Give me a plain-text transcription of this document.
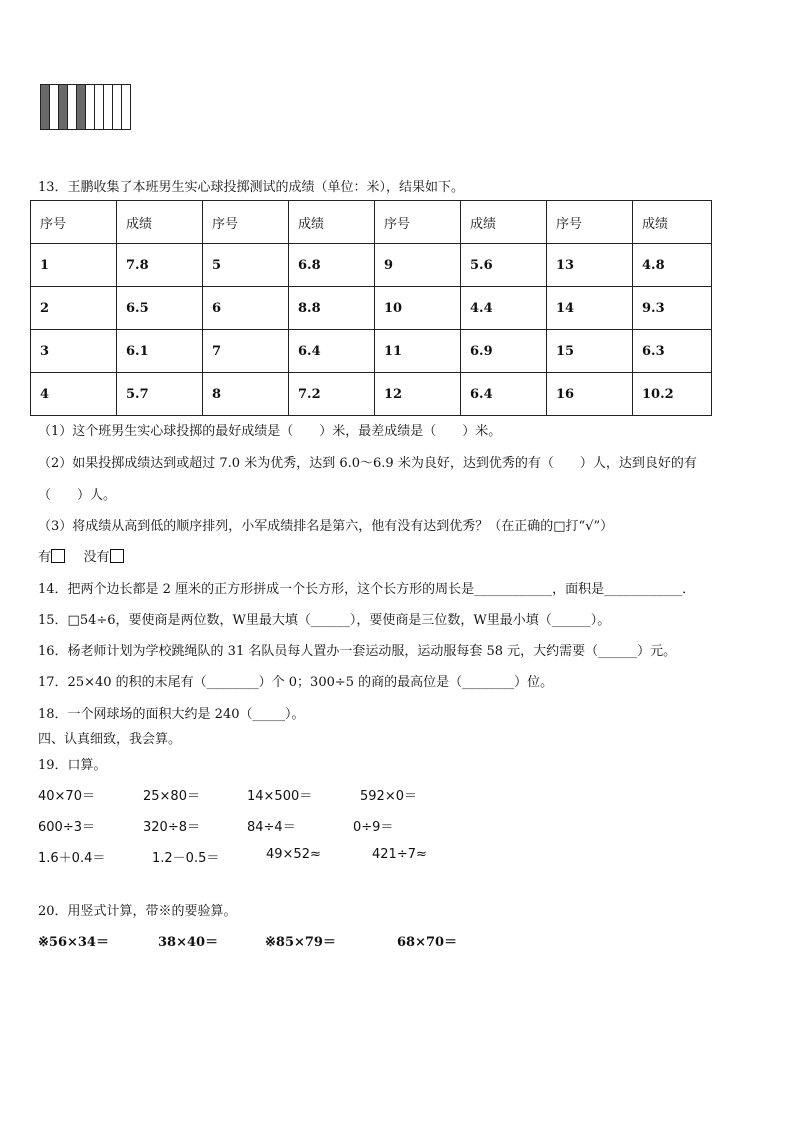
13．王鹏收集了本班男生实心球投掷测试的成绩（单位：米），结果如下。
序号	成绩	序号	成绩	序号	成绩	序号	成绩
1	7.8	5	6.8	9	5.6	13	4.8
2	6.5	6	8.8	10	4.4	14	9.3
3	6.1	7	6.4	11	6.9	15	6.3
4	5.7	8	7.2	12	6.4	16	10.2
（1）这个班男生实心球投掷的最好成绩是（　　）米，最差成绩是（　　）米。
（2）如果投掷成绩达到或超过 7.0 米为优秀，达到 6.0～6.9 米为良好，达到优秀的有（　　）人，达到良好的有
（　　）人。
（3）将成绩从高到低的顺序排列，小军成绩排名是第六，他有没有达到优秀？（在正确的□打“√”）
有	没有
14．把两个边长都是 2 厘米的正方形拼成一个长方形，这个长方形的周长是____________，面积是____________．
15．□54÷6，要使商是两位数，W里最大填（______），要使商是三位数，W里最小填（______）。
16．杨老师计划为学校跳绳队的 31 名队员每人置办一套运动服，运动服每套 58 元，大约需要（______）元。
17．25×40 的积的末尾有（________）个 0；300÷5 的商的最高位是（________）位。
18．一个网球场的面积大约是 240（_____）。
四、认真细致，我会算。
19．口算。
40×70＝	25×80＝	14×500＝	592×0＝
600÷3＝	320÷8＝	84÷4＝	0÷9＝
1.6＋0.4＝	1.2－0.5＝	49×52≈	421÷7≈
20．用竖式计算，带※的要验算。
※56×34＝	38×40＝	※85×79＝	68×70＝
